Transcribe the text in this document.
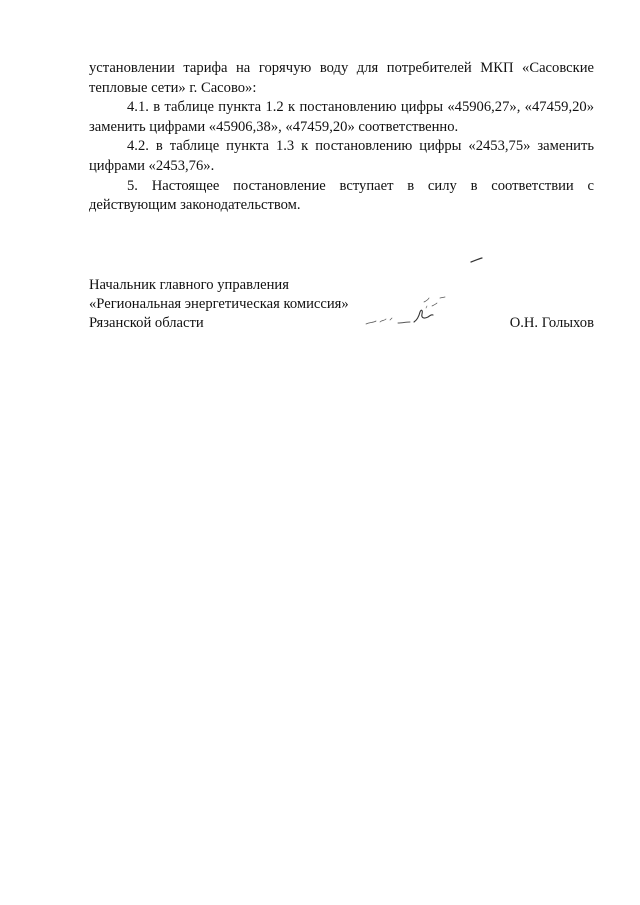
установлении тарифа на горячую воду для потребителей МКП «Сасовские тепловые сети» г. Сасово»:

4.1. в таблице пункта 1.2 к постановлению цифры «45906,27», «47459,20» заменить цифрами «45906,38», «47459,20» соответственно.

4.2. в таблице пункта 1.3 к постановлению цифры «2453,75» заменить цифрами «2453,76».

5. Настоящее постановление вступает в силу в соответствии с действующим законодательством.

Начальник главного управления
«Региональная энергетическая комиссия»
Рязанской области	О.Н. Голыхов
